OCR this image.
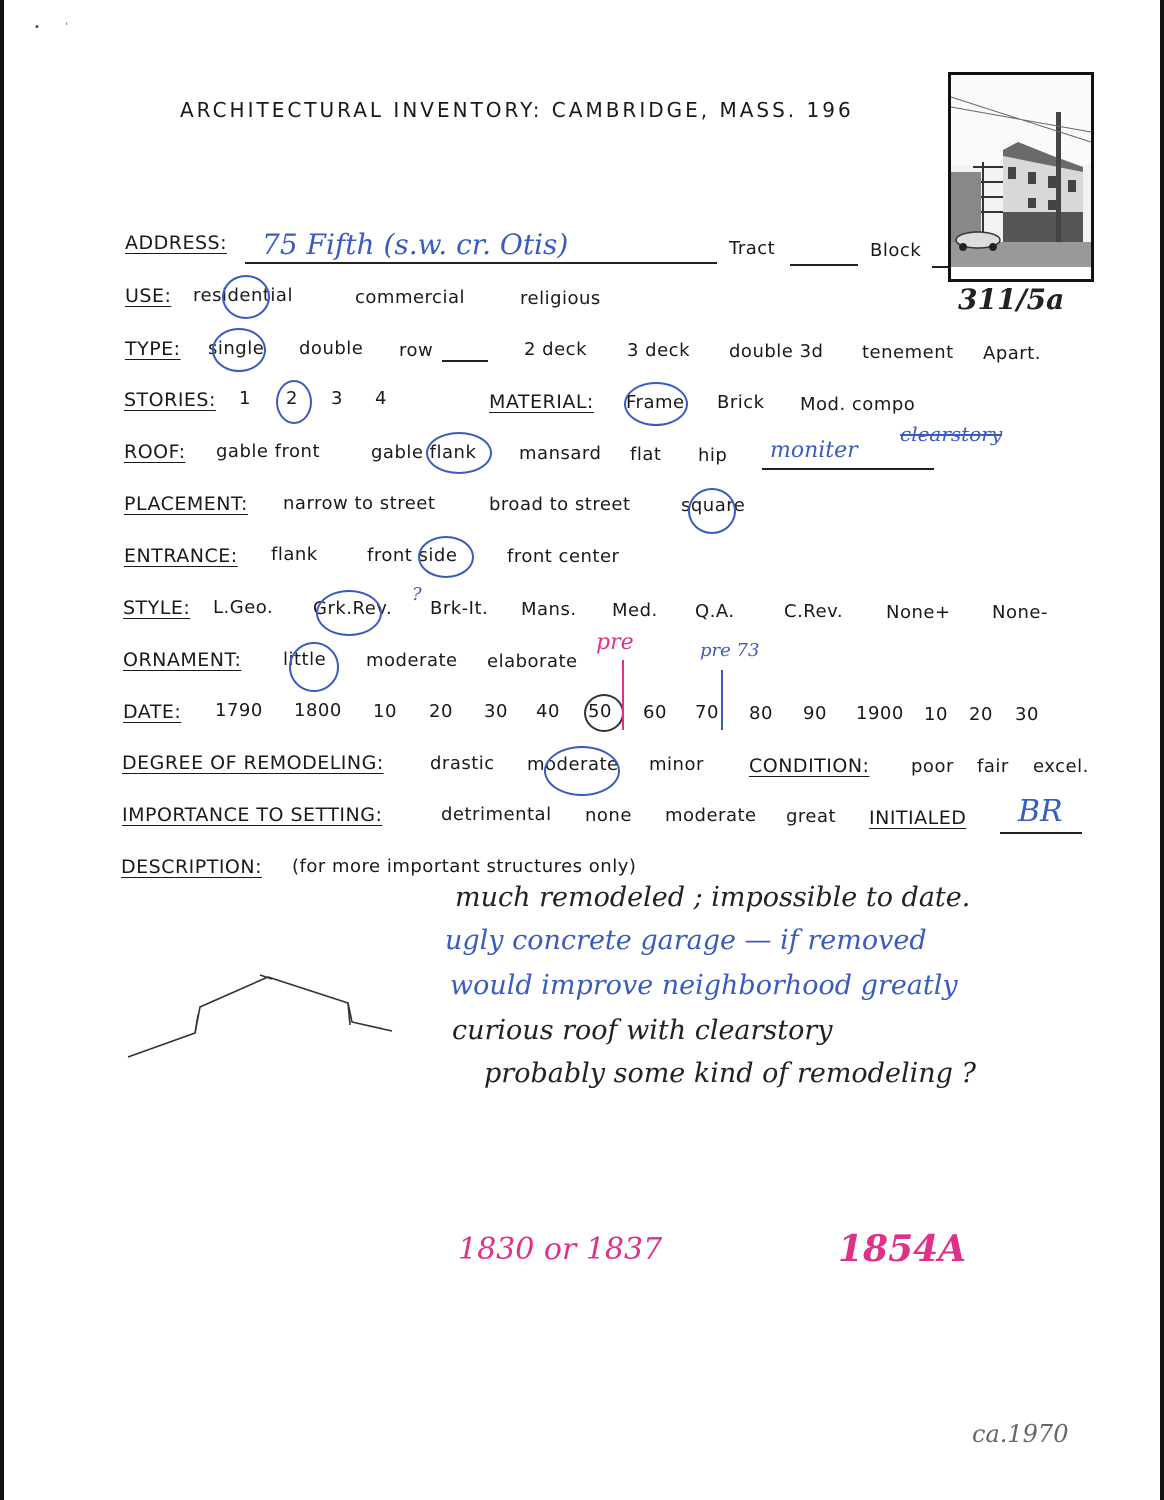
•        ˈ
ARCHITECTURAL INVENTORY: CAMBRIDGE, MASS. 196
311/5a
ADDRESS: 75 Fifth (s.w. cr. Otis)	Tract	Block
USE: residential	commercial	religious
TYPE: single double row	2 deck 3 deck double 3d tenement Apart.
STORIES: 1 2 3 4	MATERIAL: Frame Brick Mod. compo
ROOF: gable front	gable flank mansard flat hip moniter
clearstory
PLACEMENT: narrow to street	broad to street	square
ENTRANCE: flank	front side	front center
STYLE: L.Geo. Grk.Rev.
?
Brk-It. Mans. Med. Q.A.	C.Rev. None+ None-
ORNAMENT: little moderate elaborate
pre	pre 73
DATE: 1790 1800 10 20 30 40 50 60 70 80 90 1900 10 20 30
DEGREE OF REMODELING:	drastic moderate minor CONDITION: poor fair excel.
IMPORTANCE TO SETTING:	detrimental none moderate great INITIALED BR
DESCRIPTION: (for more important structures only)
much remodeled ; impossible to date.
ugly concrete garage — if removed
would improve neighborhood greatly
curious roof with clearstory
probably some kind of remodeling ?
1830 or 1837	1854A
ca.1970
